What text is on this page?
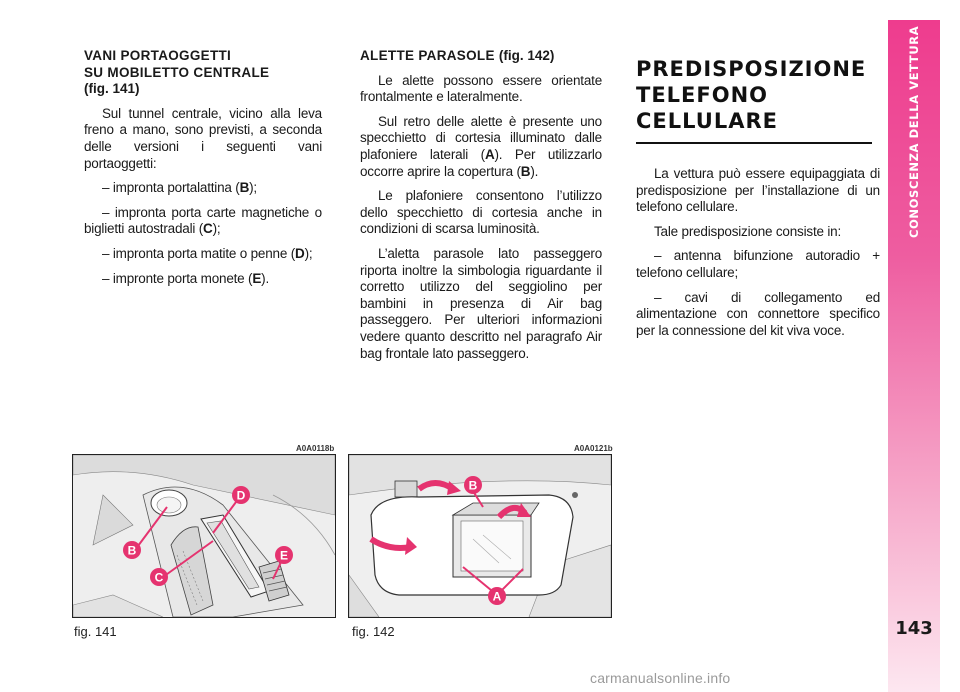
VANI PORTAOGGETTI
SU MOBILETTO CENTRALE
(fig. 141)

Sul tunnel centrale, vicino alla leva freno a mano, sono previsti, a seconda delle versioni i seguenti vani portaoggetti:

– impronta portalattina (B);

– impronta porta carte magnetiche o biglietti autostradali (C);

– impronta porta matite o penne (D);

– impronte porta monete (E).

ALETTE PARASOLE (fig. 142)

Le alette possono essere orientate frontalmente e lateralmente.

Sul retro delle alette è presente uno specchietto di cortesia illuminato dalle plafoniere laterali (A). Per utilizzarlo occorre aprire la copertura (B).

Le plafoniere consentono l’utilizzo dello specchietto di cortesia anche in condizioni di scarsa luminosità.

L’aletta parasole lato passeggero riporta inoltre la simbologia riguardante il corretto utilizzo del seggiolino per bambini in presenza di Air bag passeggero. Per ulteriori informazioni vedere quanto descritto nel paragrafo Air bag frontale lato passeggero.

PREDISPOSIZIONE
TELEFONO CELLULARE

La vettura può essere equipaggiata di predisposizione per l’installazione di un telefono cellulare.

Tale predisposizione consiste in:

– antenna bifunzione autoradio + telefono cellulare;

– cavi di collegamento ed alimentazione con connettore specifico per la connessione del kit viva voce.

A0A0118b
B
C
D
E
fig. 141
A0A0121b
A
B
fig. 142
CONOSCENZA DELLA VETTURA
143
carmanualsonline.info
